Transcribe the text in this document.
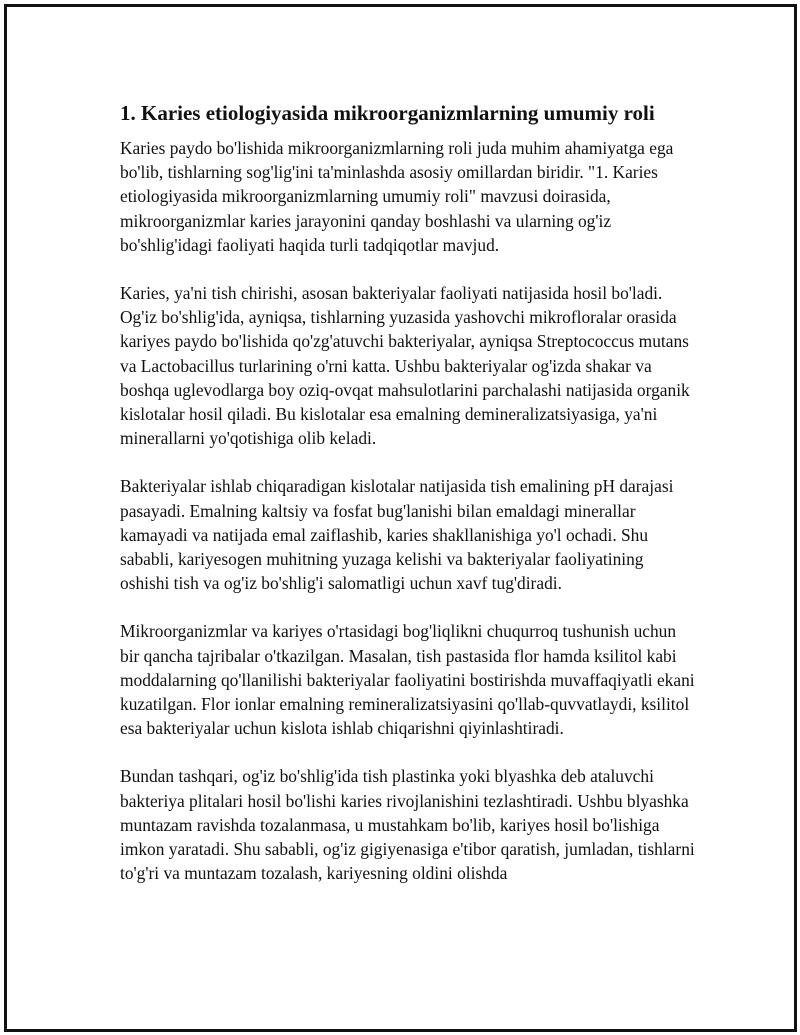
1. Karies etiologiyasida mikroorganizmlarning umumiy roli

Karies paydo bo'lishida mikroorganizmlarning roli juda muhim ahamiyatga ega bo'lib, tishlarning sog'lig'ini ta'minlashda asosiy omillardan biridir. "1. Karies etiologiyasida mikroorganizmlarning umumiy roli" mavzusi doirasida, mikroorganizmlar karies jarayonini qanday boshlashi va ularning og'iz bo'shlig'idagi faoliyati haqida turli tadqiqotlar mavjud.

Karies, ya'ni tish chirishi, asosan bakteriyalar faoliyati natijasida hosil bo'ladi. Og'iz bo'shlig'ida, ayniqsa, tishlarning yuzasida yashovchi mikrofloralar orasida kariyes paydo bo'lishida qo'zg'atuvchi bakteriyalar, ayniqsa Streptococcus mutans va Lactobacillus turlarining o'rni katta. Ushbu bakteriyalar og'izda shakar va boshqa uglevodlarga boy oziq-ovqat mahsulotlarini parchalashi natijasida organik kislotalar hosil qiladi. Bu kislotalar esa emalning demineralizatsiyasiga, ya'ni minerallarni yo'qotishiga olib keladi.

Bakteriyalar ishlab chiqaradigan kislotalar natijasida tish emalining pH darajasi pasayadi. Emalning kaltsiy va fosfat bug'lanishi bilan emaldagi minerallar kamayadi va natijada emal zaiflashib, karies shakllanishiga yo'l ochadi. Shu sababli, kariyesogen muhitning yuzaga kelishi va bakteriyalar faoliyatining oshishi tish va og'iz bo'shlig'i salomatligi uchun xavf tug'diradi.

Mikroorganizmlar va kariyes o'rtasidagi bog'liqlikni chuqurroq tushunish uchun bir qancha tajribalar o'tkazilgan. Masalan, tish pastasida flor hamda ksilitol kabi moddalarning qo'llanilishi bakteriyalar faoliyatini bostirishda muvaffaqiyatli ekani kuzatilgan. Flor ionlar emalning remineralizatsiyasini qo'llab-quvvatlaydi, ksilitol esa bakteriyalar uchun kislota ishlab chiqarishni qiyinlashtiradi.

Bundan tashqari, og'iz bo'shlig'ida tish plastinka yoki blyashka deb ataluvchi bakteriya plitalari hosil bo'lishi karies rivojlanishini tezlashtiradi. Ushbu blyashka muntazam ravishda tozalanmasa, u mustahkam bo'lib, kariyes hosil bo'lishiga imkon yaratadi. Shu sababli, og'iz gigiyenasiga e'tibor qaratish, jumladan, tishlarni to'g'ri va muntazam tozalash, kariyesning oldini olishda
